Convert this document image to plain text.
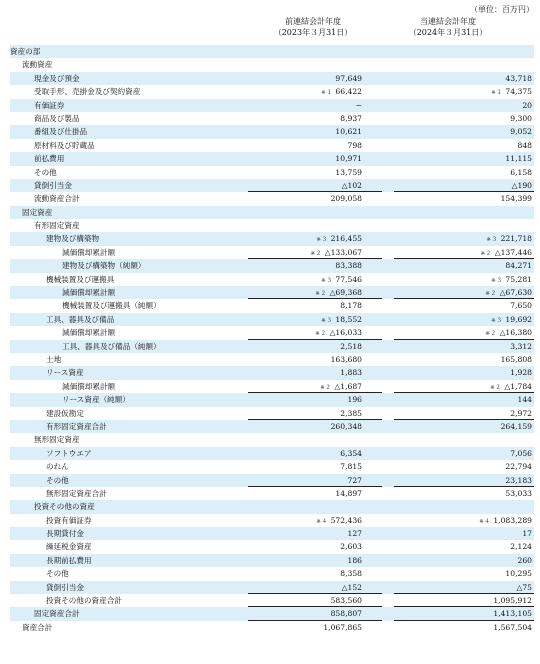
（単位：百万円）
前連結会計年度
（2023年３月31日）
当連結会計年度
（2024年３月31日）
資産の部
流動資産
現金及び預金	97,649	43,718
受取手形、売掛金及び契約資産	※１ 66,422	※１ 74,375
有価証券	−	20
商品及び製品	8,937	9,300
番組及び仕掛品	10,621	9,052
原材料及び貯蔵品	798	848
前払費用	10,971	11,115
その他	13,759	6,158
貸倒引当金	△102	△190
流動資産合計	209,058	154,399
固定資産
有形固定資産
建物及び構築物	※３ 216,455	※３ 221,718
減価償却累計額	※２ △133,067	※２ △137,446
建物及び構築物（純額）	83,388	84,271
機械装置及び運搬具	※３ 77,546	※３ 75,281
減価償却累計額	※２ △69,368	※２ △67,630
機械装置及び運搬具（純額）	8,178	7,650
工具、器具及び備品	※３ 18,552	※３ 19,692
減価償却累計額	※２ △16,033	※２ △16,380
工具、器具及び備品（純額）	2,518	3,312
土地	163,680	165,808
リース資産	1,883	1,928
減価償却累計額	※２ △1,687	※２ △1,784
リース資産（純額）	196	144
建設仮勘定	2,385	2,972
有形固定資産合計	260,348	264,159
無形固定資産
ソフトウエア	6,354	7,056
のれん	7,815	22,794
その他	727	23,183
無形固定資産合計	14,897	53,033
投資その他の資産
投資有価証券	※４ 572,436	※４ 1,083,289
長期貸付金	127	17
繰延税金資産	2,603	2,124
長期前払費用	186	260
その他	8,358	10,295
貸倒引当金	△152	△75
投資その他の資産合計	583,560	1,095,912
固定資産合計	858,807	1,413,105
資産合計	1,067,865	1,567,504
